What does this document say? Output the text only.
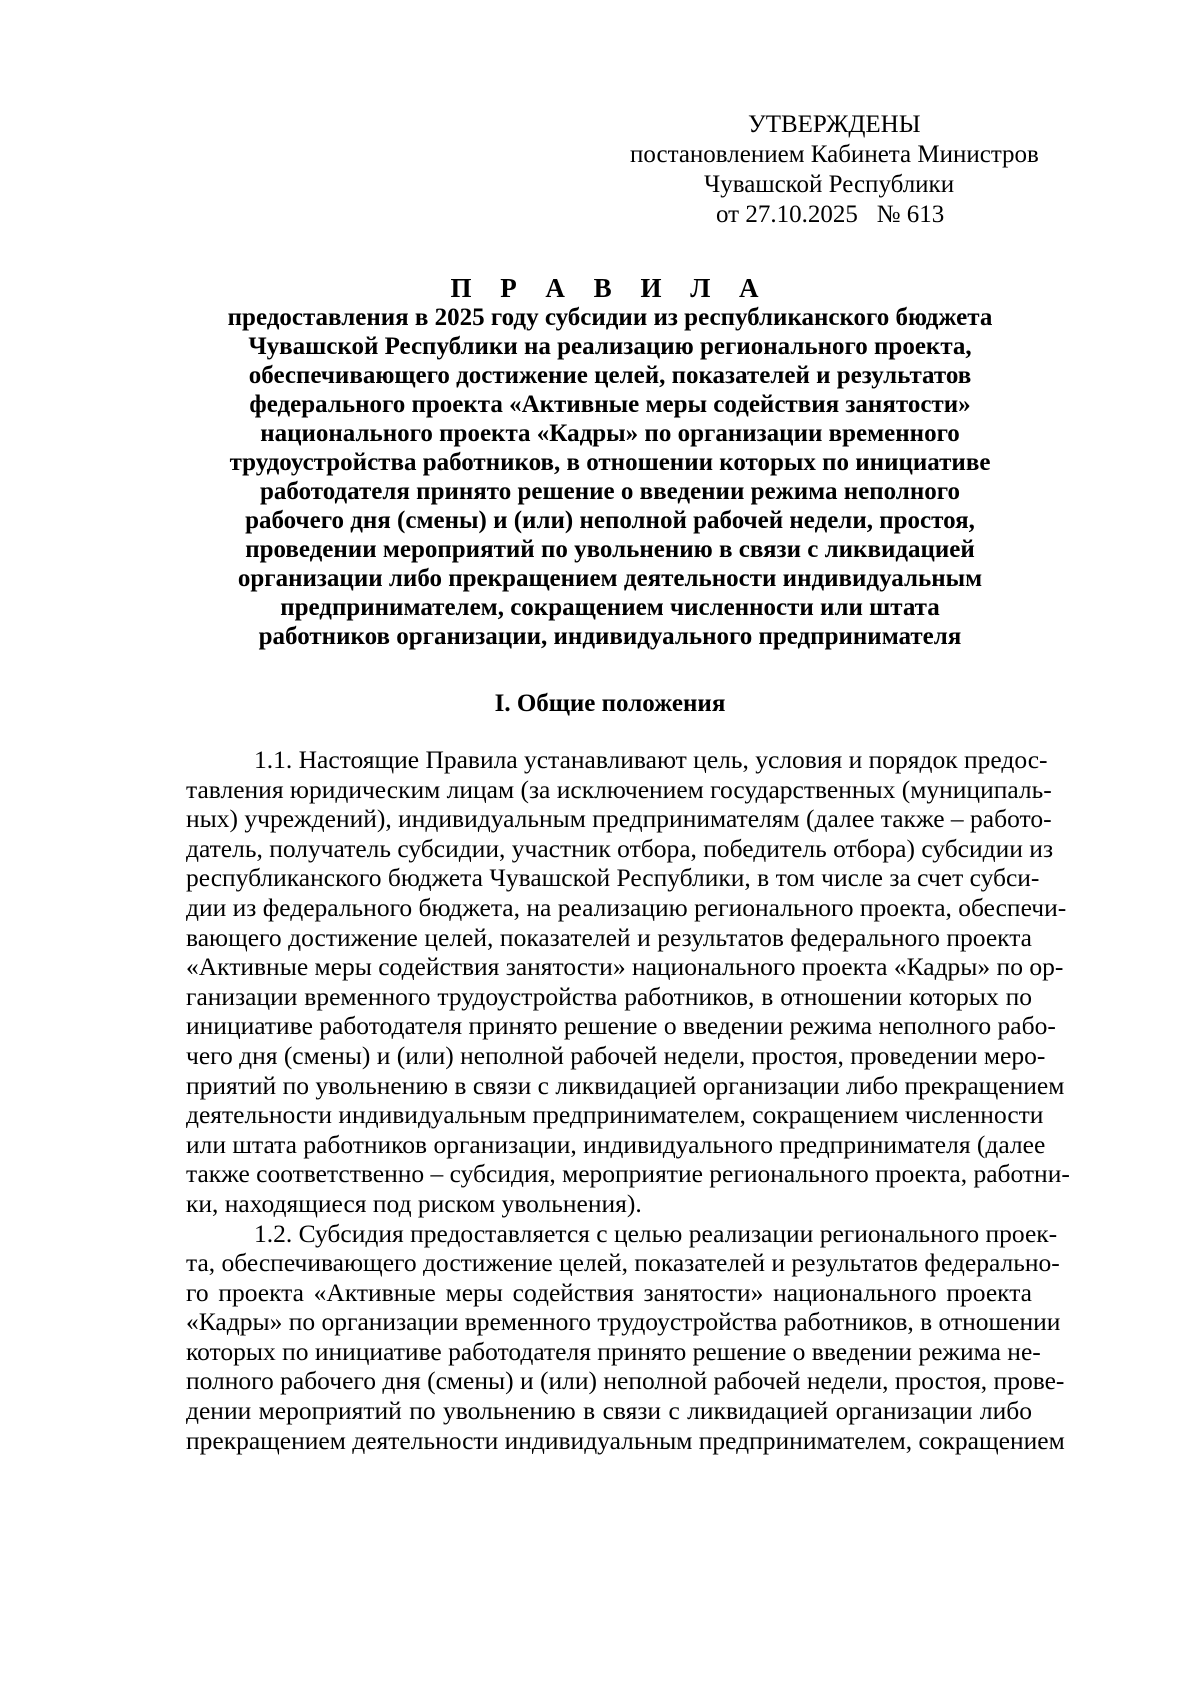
УТВЕРЖДЕНЫ
постановлением Кабинета Министров
Чувашской Республики
от 27.10.2025   № 613
П Р А В И Л А
предоставления в 2025 году субсидии из республиканского бюджета
Чувашской Республики на реализацию регионального проекта,
обеспечивающего достижение целей, показателей и результатов
федерального проекта «Активные меры содействия занятости»
национального проекта «Кадры» по организации временного
трудоустройства работников, в отношении которых по инициативе
работодателя принято решение о введении режима неполного
рабочего дня (смены) и (или) неполной рабочей недели, простоя,
проведении мероприятий по увольнению в связи с ликвидацией
организации либо прекращением деятельности индивидуальным
предпринимателем, сокращением численности или штата
работников организации, индивидуального предпринимателя
I. Общие положения
1.1. Настоящие Правила устанавливают цель, условия и порядок предос-
тавления юридическим лицам (за исключением государственных (муниципаль-
ных) учреждений), индивидуальным предпринимателям (далее также – работо-
датель, получатель субсидии, участник отбора, победитель отбора) субсидии из
республиканского бюджета Чувашской Республики, в том числе за счет субси-
дии из федерального бюджета, на реализацию регионального проекта, обеспечи-
вающего достижение целей, показателей и результатов федерального проекта
«Активные меры содействия занятости» национального проекта «Кадры» по ор-
ганизации временного трудоустройства работников, в отношении которых по
инициативе работодателя принято решение о введении режима неполного рабо-
чего дня (смены) и (или) неполной рабочей недели, простоя, проведении меро-
приятий по увольнению в связи с ликвидацией организации либо прекращением
деятельности индивидуальным предпринимателем, сокращением численности
или штата работников организации, индивидуального предпринимателя (далее
также соответственно – субсидия, мероприятие регионального проекта, работни-
ки, находящиеся под риском увольнения).
1.2. Субсидия предоставляется с целью реализации регионального проек-
та, обеспечивающего достижение целей, показателей и результатов федерально-
го проекта «Активные меры содействия занятости» национального проекта
«Кадры» по организации временного трудоустройства работников, в отношении
которых по инициативе работодателя принято решение о введении режима не-
полного рабочего дня (смены) и (или) неполной рабочей недели, простоя, прове-
дении мероприятий по увольнению в связи с ликвидацией организации либо
прекращением деятельности индивидуальным предпринимателем, сокращением
